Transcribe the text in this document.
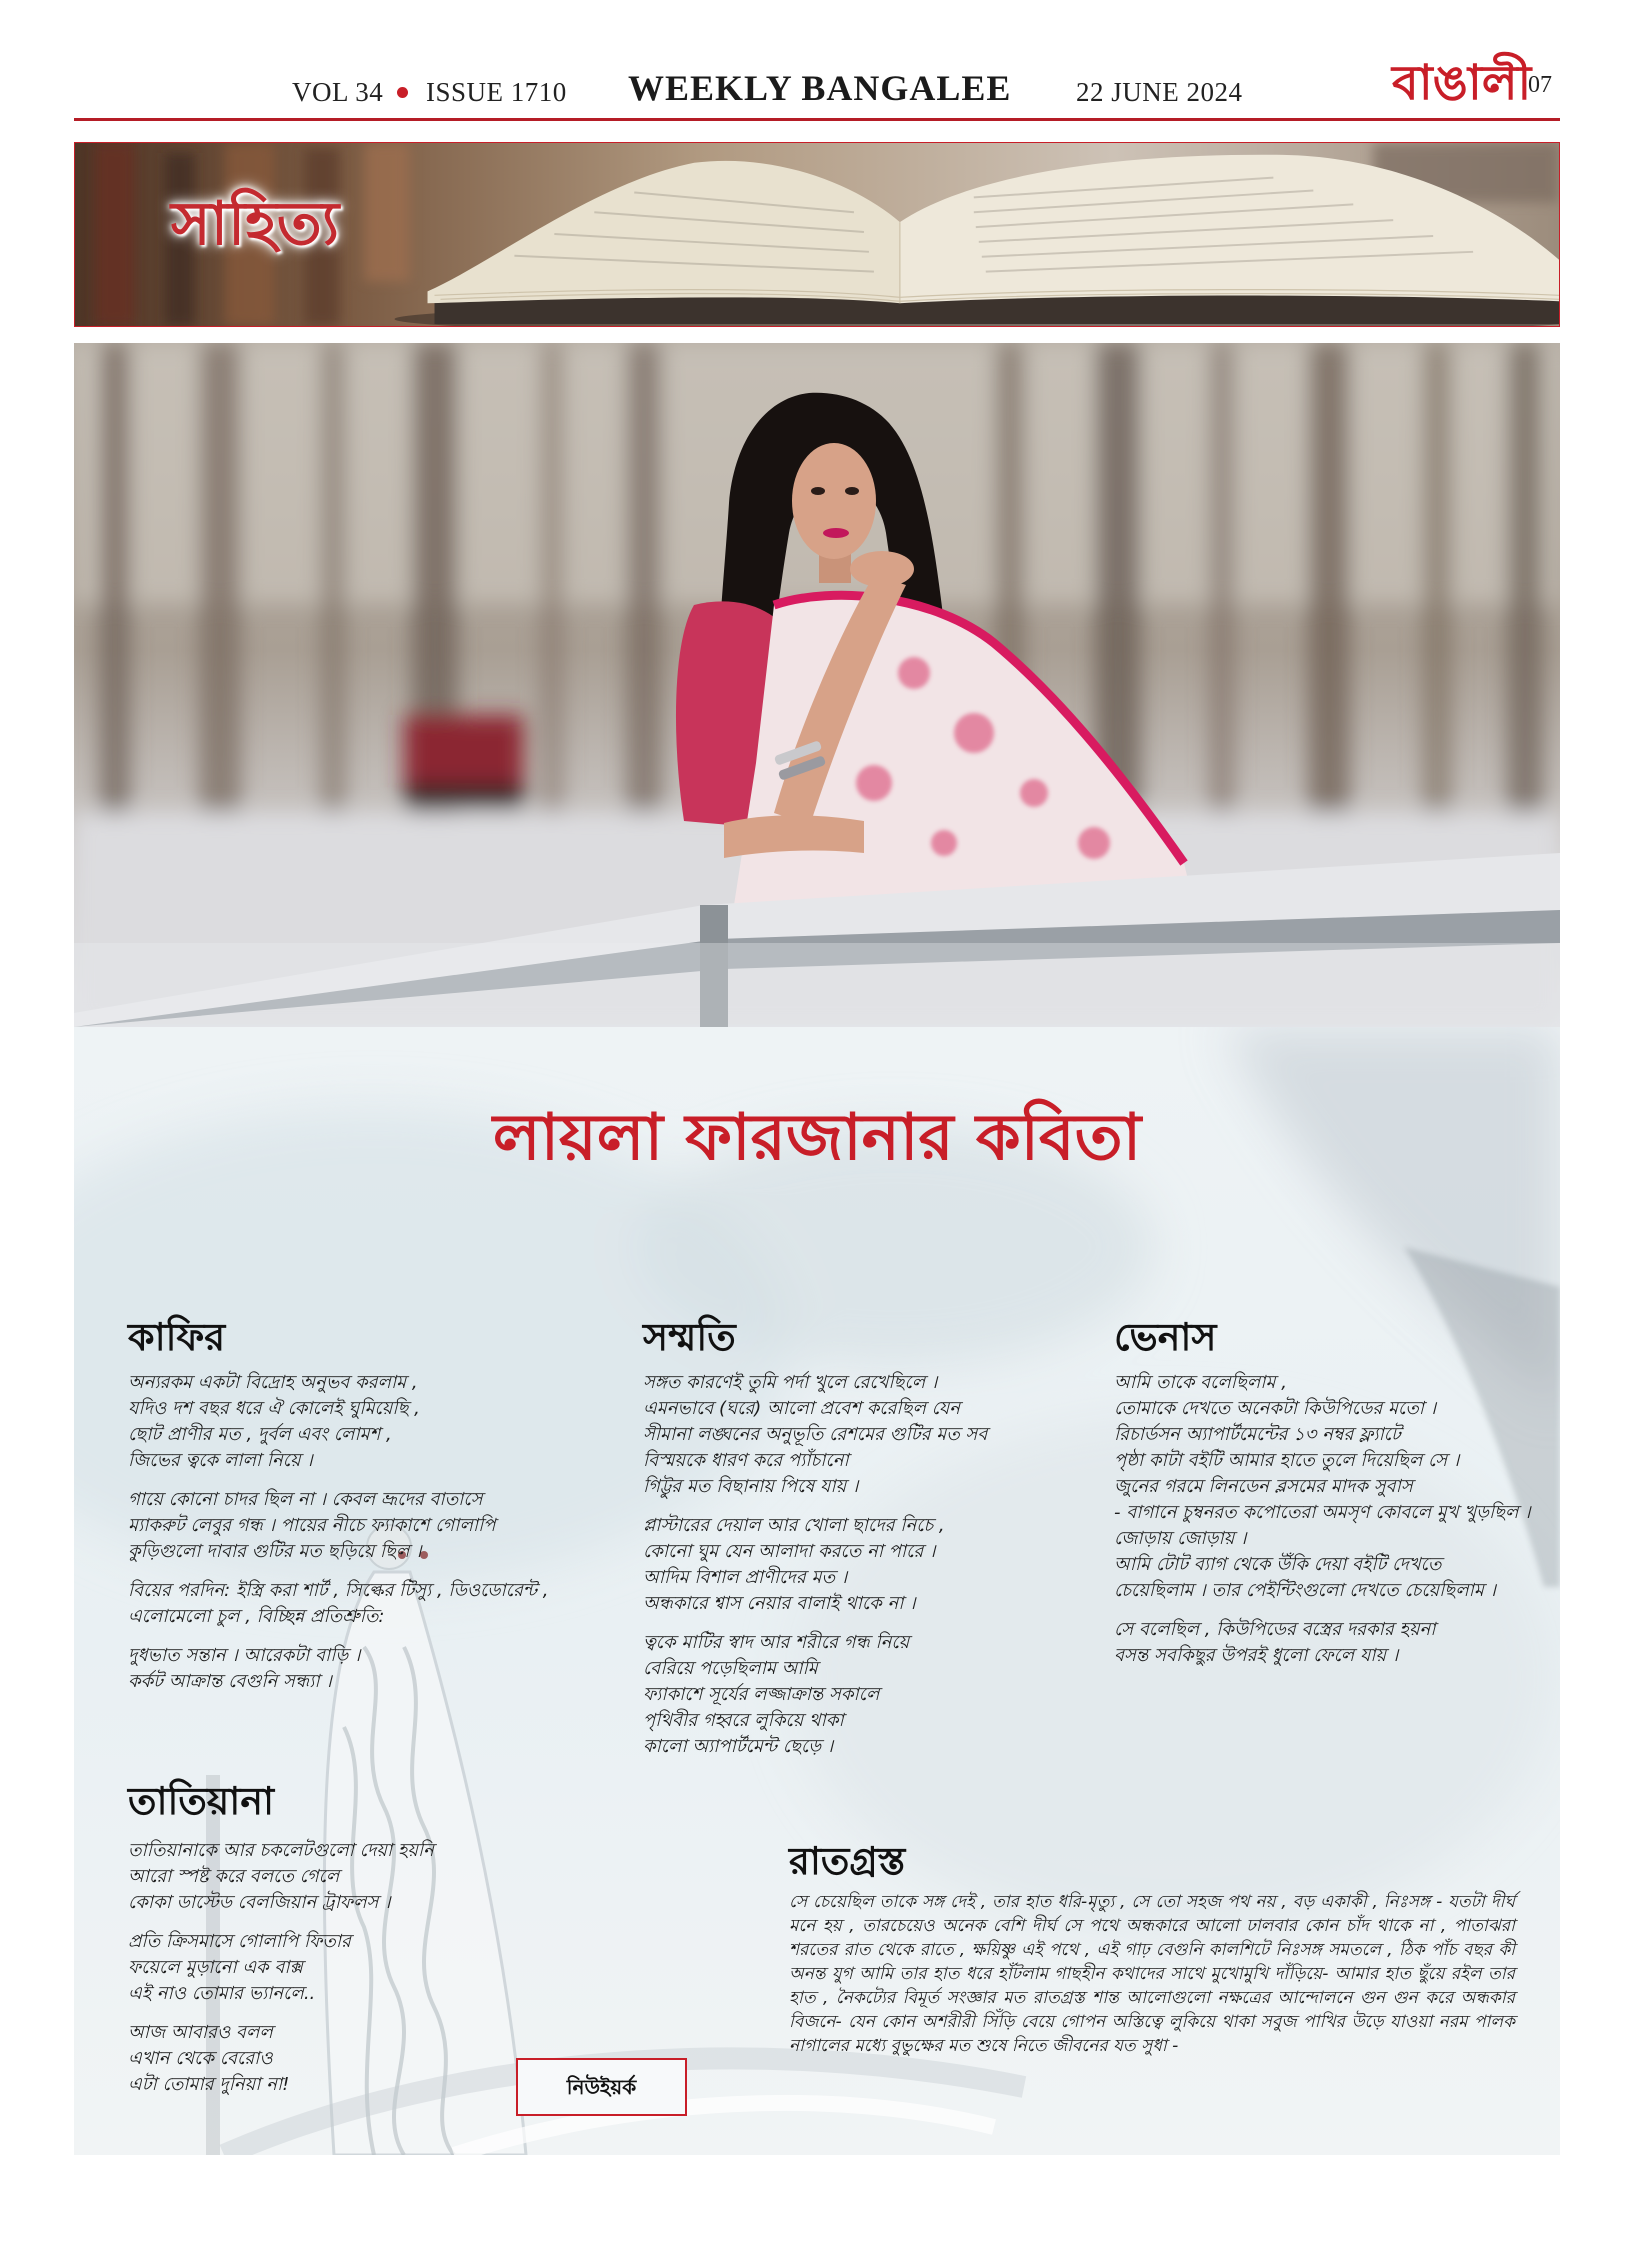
VOL 34 ISSUE 1710 WEEKLY BANGALEE 22 JUNE 2024	বাঙালী
07
সাহিত্য
লায়লা ফারজানার কবিতা
কাফির

অন্যরকম একটা বিদ্রোহ অনুভব করলাম ,
যদিও দশ বছর ধরে ঐ কোলেই ঘুমিয়েছি ,
ছোট প্রাণীর মত , দুর্বল এবং লোমশ ,
জিভের ত্বকে লালা নিয়ে ।

গায়ে কোনো চাদর ছিল না । কেবল ভ্রূদের বাতাসে
ম্যাকরুট লেবুর গন্ধ । পায়ের নীচে ফ্যাকাশে গোলাপি
কুড়িগুলো দাবার গুটির মত ছড়িয়ে ছিল ।

বিয়ের পরদিন: ইস্ত্রি করা শার্ট , সিল্কের টিস্যু , ডিওডোরেন্ট ,
এলোমেলো চুল , বিচ্ছিন্ন প্রতিশ্রুতি:

দুধভাত সন্তান । আরেকটা বাড়ি ।
কর্কট আক্রান্ত বেগুনি সন্ধ্যা ।

সম্মতি

সঙ্গত কারণেই তুমি পর্দা খুলে রেখেছিলে ।
এমনভাবে (ঘরে) আলো প্রবেশ করেছিল যেন
সীমানা লঙ্ঘনের অনুভূতি রেশমের গুটির মত সব
বিস্ময়কে ধারণ করে প্যাঁচানো
গিট্টুর মত বিছানায় পিষে যায় ।

প্লাস্টারের দেয়াল আর খোলা ছাদের নিচে ,
কোনো ঘুম যেন আলাদা করতে না পারে ।
আদিম বিশাল প্রাণীদের মত ।
অন্ধকারে শ্বাস নেয়ার বালাই থাকে না ।

ত্বকে মাটির স্বাদ আর শরীরে গন্ধ নিয়ে
বেরিয়ে পড়েছিলাম আমি
ফ্যাকাশে সূর্যের লজ্জাক্রান্ত সকালে
পৃথিবীর গহ্বরে লুকিয়ে থাকা
কালো অ্যাপার্টমেন্ট ছেড়ে ।

ভেনাস

আমি তাকে বলেছিলাম ,
তোমাকে দেখতে অনেকটা কিউপিডের মতো ।
রিচার্ডসন অ্যাপার্টমেন্টের ১৩ নম্বর ফ্ল্যাটে
পৃষ্ঠা কাটা বইটি আমার হাতে তুলে দিয়েছিল সে ।
জুনের গরমে লিনডেন ব্লসমের মাদক সুবাস
- বাগানে চুম্বনরত কপোতেরা অমসৃণ কোবলে মুখ খুড়ছিল ।
জোড়ায় জোড়ায় ।
আমি টোট ব্যাগ থেকে উঁকি দেয়া বইটি দেখতে
চেয়েছিলাম । তার পেইন্টিংগুলো দেখতে চেয়েছিলাম ।

সে বলেছিল , কিউপিডের বস্ত্রের দরকার হয়না
বসন্ত সবকিছুর উপরই ধুলো ফেলে যায় ।

তাতিয়ানা

তাতিয়ানাকে আর চকলেটগুলো দেয়া হয়নি
আরো স্পষ্ট করে বলতে গেলে
কোকা ডাস্টেড বেলজিয়ান ট্রাফলস ।

প্রতি ক্রিসমাসে গোলাপি ফিতার
ফয়েলে মুড়ানো এক বাক্স
এই নাও তোমার ভ্যানলে..

আজ আবারও বলল
এখান থেকে বেরোও
এটা তোমার দুনিয়া না!

রাতগ্রস্ত

সে চেয়েছিল তাকে সঙ্গ দেই , তার হাত ধরি-মৃত্যু , সে তো সহজ পথ নয় , বড় একাকী , নিঃসঙ্গ - যতটা দীর্ঘ মনে হয় , তারচেয়েও অনেক বেশি দীর্ঘ সে পথে অন্ধকারে আলো ঢালবার কোন চাঁদ থাকে না , পাতাঝরা শরতের রাত থেকে রাতে , ক্ষয়িষ্ণু এই পথে , এই গাঢ় বেগুনি কালশিটে নিঃসঙ্গ সমতলে , ঠিক পাঁচ বছর কী অনন্ত যুগ আমি তার হাত ধরে হাঁটলাম গাছহীন কথাদের সাথে মুখোমুখি দাঁড়িয়ে- আমার হাত ছুঁয়ে রইল তার হাত , নৈকট্যের বিমূর্ত সংজ্ঞার মত রাতগ্রস্ত শান্ত আলোগুলো নক্ষত্রের আন্দোলনে গুন গুন করে অন্ধকার বিজনে- যেন কোন অশরীরী সিঁড়ি বেয়ে গোপন অস্তিত্বে লুকিয়ে থাকা সবুজ পাখির উড়ে যাওয়া নরম পালক নাগালের মধ্যে বুভুক্ষের মত শুষে নিতে জীবনের যত সুধা -

নিউইয়র্ক
